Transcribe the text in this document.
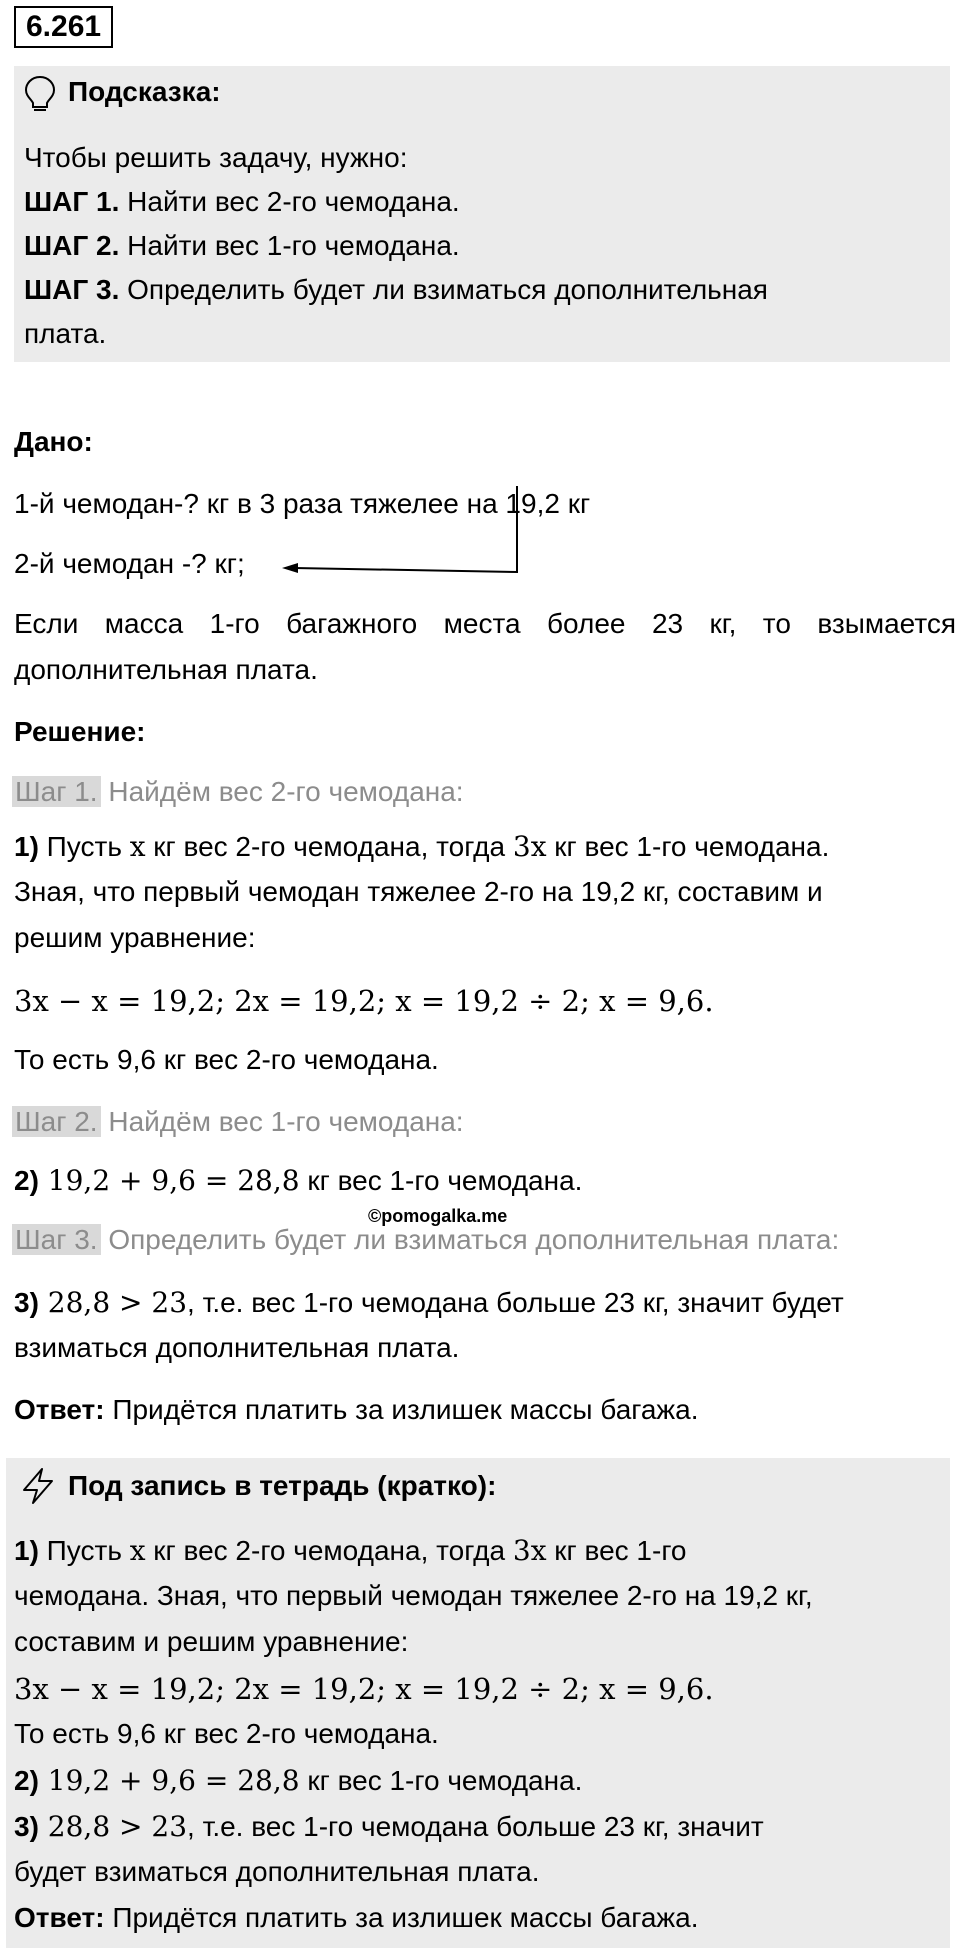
6.261
Подсказка:
Чтобы решить задачу, нужно:
ШАГ 1. Найти вес 2-го чемодана.
ШАГ 2. Найти вес 1-го чемодана.
ШАГ 3. Определить будет ли взиматься дополнительная
плата.
Дано:
1-й чемодан-? кг в 3 раза тяжелее на 19,2 кг
2-й чемодан -? кг;
Если масса 1-го багажного места более 23 кг, то взымается
дополнительная плата.
Решение:
Шаг 1. Найдём вес 2-го чемодана:
1) Пусть x кг вес 2-го чемодана, тогда 3x кг вес 1-го чемодана.
Зная, что первый чемодан тяжелее 2-го на 19,2 кг, составим и
решим уравнение:
3x − x = 19,2; 2x = 19,2; x = 19,2 ÷ 2; x = 9,6.
То есть 9,6 кг вес 2-го чемодана.
Шаг 2. Найдём вес 1-го чемодана:
2) 19,2 + 9,6 = 28,8 кг вес 1-го чемодана.
©pomogalka.me
Шаг 3. Определить будет ли взиматься дополнительная плата:
3) 28,8 > 23, т.е. вес 1-го чемодана больше 23 кг, значит будет
взиматься дополнительная плата.
Ответ: Придётся платить за излишек массы багажа.
Под запись в тетрадь (кратко):
1) Пусть x кг вес 2-го чемодана, тогда 3x кг вес 1-го
чемодана. Зная, что первый чемодан тяжелее 2-го на 19,2 кг,
составим и решим уравнение:
3x − x = 19,2; 2x = 19,2; x = 19,2 ÷ 2; x = 9,6.
То есть 9,6 кг вес 2-го чемодана.
2) 19,2 + 9,6 = 28,8 кг вес 1-го чемодана.
3) 28,8 > 23, т.е. вес 1-го чемодана больше 23 кг, значит
будет взиматься дополнительная плата.
Ответ: Придётся платить за излишек массы багажа.
